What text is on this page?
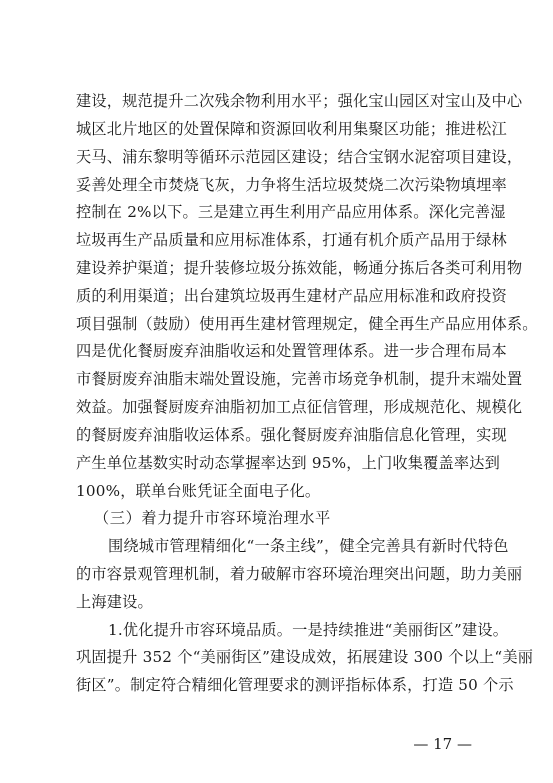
建设，规范提升二次残余物利用水平；强化宝山园区对宝山及中心
城区北片地区的处置保障和资源回收利用集聚区功能；推进松江
天马、浦东黎明等循环示范园区建设；结合宝钢水泥窑项目建设，
妥善处理全市焚烧飞灰，力争将生活垃圾焚烧二次污染物填埋率
控制在 2%以下。三是建立再生利用产品应用体系。深化完善湿
垃圾再生产品质量和应用标准体系，打通有机介质产品用于绿林
建设养护渠道；提升装修垃圾分拣效能，畅通分拣后各类可利用物
质的利用渠道；出台建筑垃圾再生建材产品应用标准和政府投资
项目强制（鼓励）使用再生建材管理规定，健全再生产品应用体系。
四是优化餐厨废弃油脂收运和处置管理体系。进一步合理布局本
市餐厨废弃油脂末端处置设施，完善市场竞争机制，提升末端处置
效益。加强餐厨废弃油脂初加工点征信管理，形成规范化、规模化
的餐厨废弃油脂收运体系。强化餐厨废弃油脂信息化管理，实现
产生单位基数实时动态掌握率达到 95%，上门收集覆盖率达到
100%，联单台账凭证全面电子化。
（三）着力提升市容环境治理水平
围绕城市管理精细化“一条主线”，健全完善具有新时代特色
的市容景观管理机制，着力破解市容环境治理突出问题，助力美丽
上海建设。
1.优化提升市容环境品质。一是持续推进“美丽街区”建设。
巩固提升 352 个“美丽街区”建设成效，拓展建设 300 个以上“美丽
街区”。制定符合精细化管理要求的测评指标体系，打造 50 个示
— 17 —
